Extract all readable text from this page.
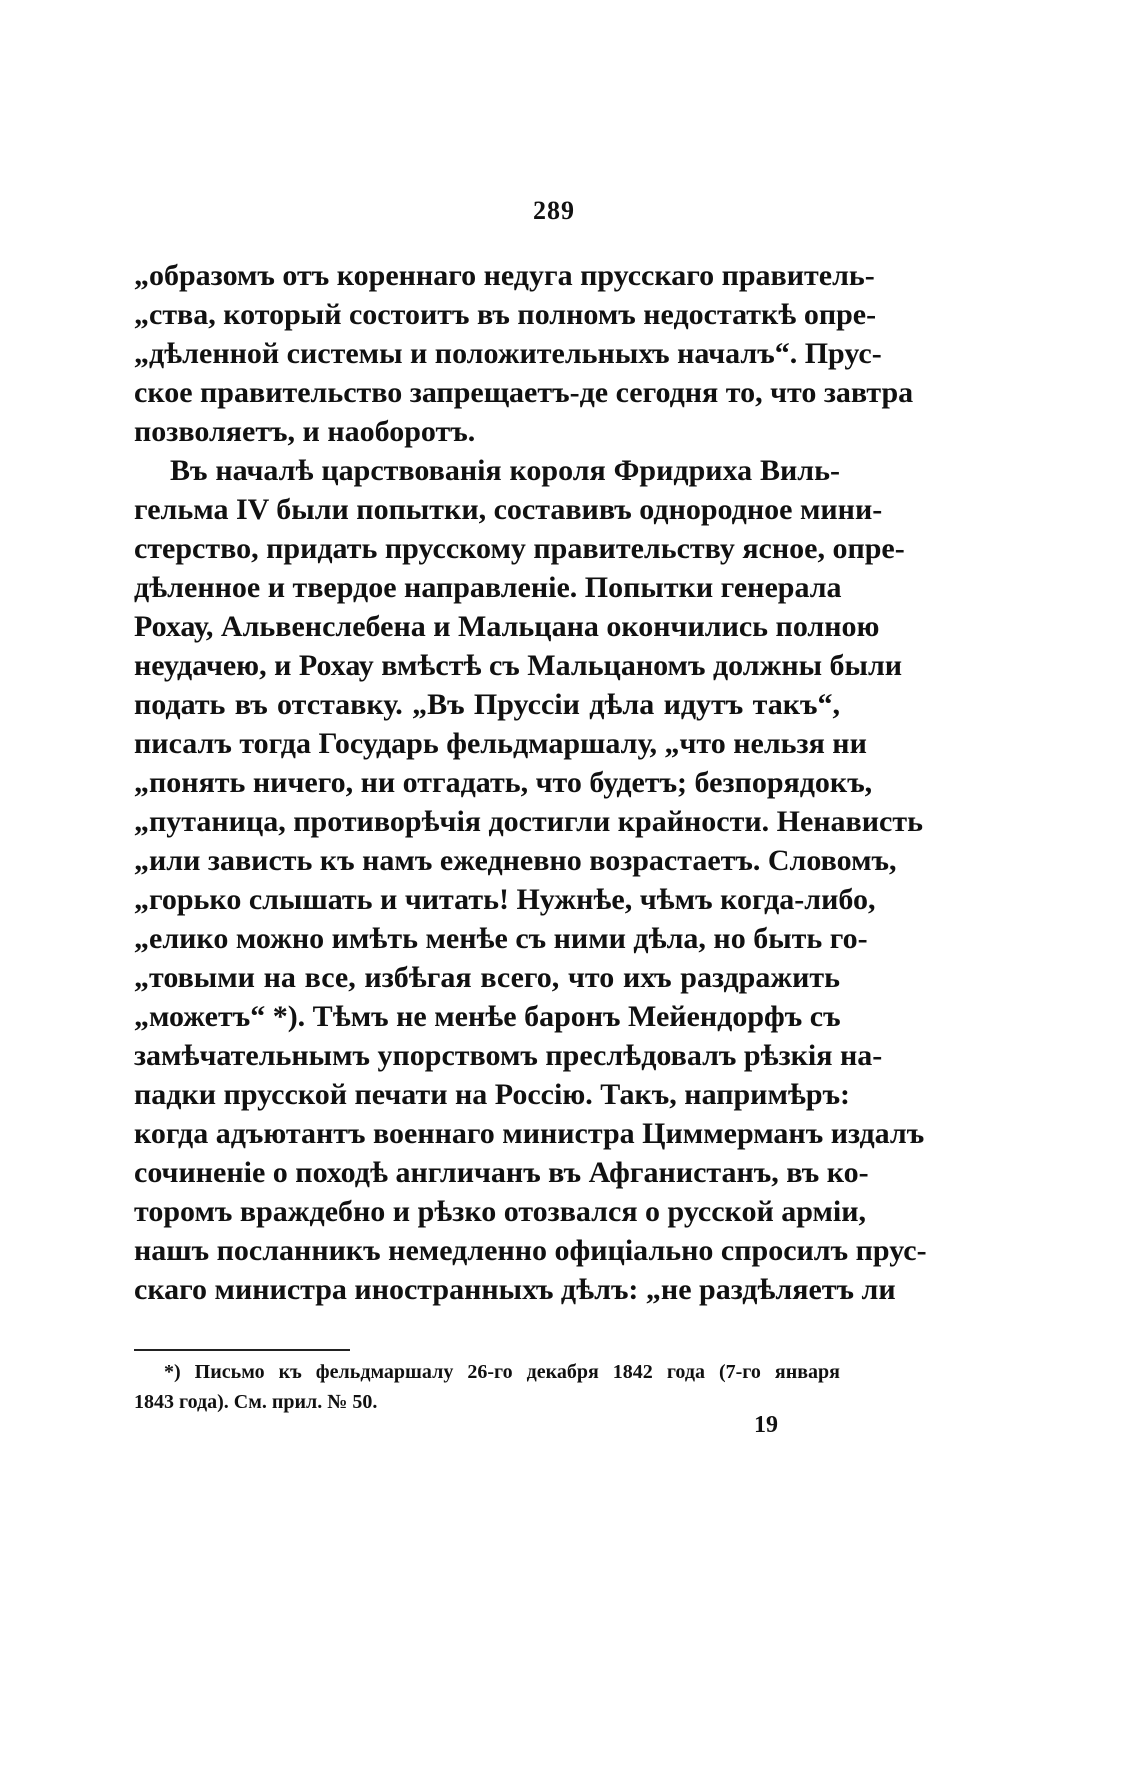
289
„образомъ отъ кореннаго недуга прусскаго правитель-
„ства, который состоитъ въ полномъ недостаткѣ опре-
„дѣленной системы и положительныхъ началъ“. Прус-
ское правительство запрещаетъ-де сегодня то, что завтра
позволяетъ, и наоборотъ.
Въ началѣ царствованія короля Фридриха Виль-
гельма IV были попытки, составивъ однородное мини-
стерство, придать прусскому правительству ясное, опре-
дѣленное и твердое направленіе. Попытки генерала
Рохау, Альвенслебена и Мальцана окончились полною
неудачею, и Рохау вмѣстѣ съ Мальцаномъ должны были
подать въ отставку. „Въ Пруссіи дѣла идутъ такъ“,
писалъ тогда Государь фельдмаршалу, „что нельзя ни
„понять ничего, ни отгадать, что будетъ; безпорядокъ,
„путаница, противорѣчія достигли крайности. Ненависть
„или зависть къ намъ ежедневно возрастаетъ. Словомъ,
„горько слышать и читать! Нужнѣе, чѣмъ когда-либо,
„елико можно имѣть менѣе съ ними дѣла, но быть го-
„товыми на все, избѣгая всего, что ихъ раздражить
„можетъ“ *). Тѣмъ не менѣе баронъ Мейендорфъ съ
замѣчательнымъ упорствомъ преслѣдовалъ рѣзкія на-
падки прусской печати на Россію. Такъ, напримѣръ:
когда адъютантъ военнаго министра Циммерманъ издалъ
сочиненіе о походѣ англичанъ въ Афганистанъ, въ ко-
торомъ враждебно и рѣзко отозвался о русской арміи,
нашъ посланникъ немедленно офиціально спросилъ прус-
скаго министра иностранныхъ дѣлъ: „не раздѣляетъ ли
*) Письмо къ фельдмаршалу 26-го декабря 1842 года (7-го января
1843 года). См. прил. № 50.
19
